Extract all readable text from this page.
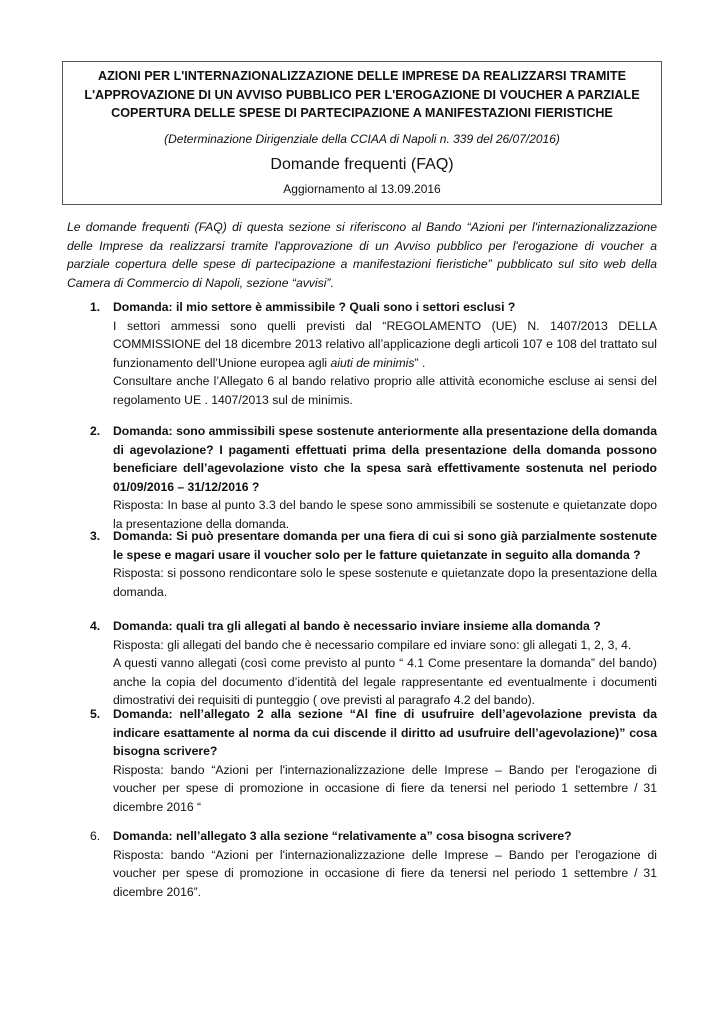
AZIONI PER L'INTERNAZIONALIZZAZIONE DELLE IMPRESE DA REALIZZARSI TRAMITE
L'APPROVAZIONE DI UN AVVISO PUBBLICO PER L'EROGAZIONE DI VOUCHER A PARZIALE
COPERTURA DELLE SPESE DI PARTECIPAZIONE A MANIFESTAZIONI FIERISTICHE
(Determinazione Dirigenziale della CCIAA di Napoli n. 339 del 26/07/2016)
Domande frequenti (FAQ)
Aggiornamento al 13.09.2016
Le domande frequenti (FAQ) di questa sezione si riferiscono al Bando “Azioni per l'internazionalizzazione delle Imprese da realizzarsi tramite l'approvazione di un Avviso pubblico per l'erogazione di voucher a parziale copertura delle spese di partecipazione a manifestazioni fieristiche” pubblicato sul sito web della Camera di Commercio di Napoli, sezione “avvisi”.
1. Domanda: il mio settore è ammissibile ? Quali sono i settori esclusi ?
I settori ammessi sono quelli previsti dal “REGOLAMENTO (UE) N. 1407/2013 DELLA COMMISSIONE del 18 dicembre 2013 relativo all’applicazione degli articoli 107 e 108 del trattato sul funzionamento dell’Unione europea agli aiuti de minimis” .
Consultare anche l’Allegato 6 al bando relativo proprio alle attività economiche escluse ai sensi del regolamento UE . 1407/2013 sul de minimis.
2. Domanda: sono ammissibili spese sostenute anteriormente alla presentazione della domanda di agevolazione? I pagamenti effettuati prima della presentazione della domanda possono beneficiare dell’agevolazione visto che la spesa sarà effettivamente sostenuta nel periodo 01/09/2016 – 31/12/2016 ?
Risposta: In base al punto 3.3 del bando le spese sono ammissibili se sostenute e quietanzate dopo la presentazione della domanda.
3. Domanda: Si può presentare domanda per una fiera di cui si sono già parzialmente sostenute le spese e magari usare il voucher solo per le fatture quietanzate in seguito alla domanda ?
Risposta: si possono rendicontare solo le spese sostenute e quietanzate dopo la presentazione della domanda.
4. Domanda: quali tra gli allegati al bando è necessario inviare insieme alla domanda ?
Risposta: gli allegati del bando che è necessario compilare ed inviare sono: gli allegati 1, 2, 3, 4.
A questi vanno allegati (così come previsto al punto “ 4.1 Come presentare la domanda” del bando) anche la copia del documento d’identità del legale rappresentante ed eventualmente i documenti dimostrativi dei requisiti di punteggio ( ove previsti al paragrafo 4.2 del bando).
5. Domanda: nell’allegato 2 alla sezione “Al fine di usufruire dell’agevolazione prevista da indicare esattamente al norma da cui discende il diritto ad usufruire dell’agevolazione)” cosa bisogna scrivere?
Risposta: bando “Azioni per l'internazionalizzazione delle Imprese – Bando per l'erogazione di voucher per spese di promozione in occasione di fiere da tenersi nel periodo 1 settembre / 31 dicembre 2016 “
6. Domanda: nell’allegato 3 alla sezione “relativamente a” cosa bisogna scrivere?
Risposta: bando “Azioni per l'internazionalizzazione delle Imprese – Bando per l'erogazione di voucher per spese di promozione in occasione di fiere da tenersi nel periodo 1 settembre / 31 dicembre 2016”.
